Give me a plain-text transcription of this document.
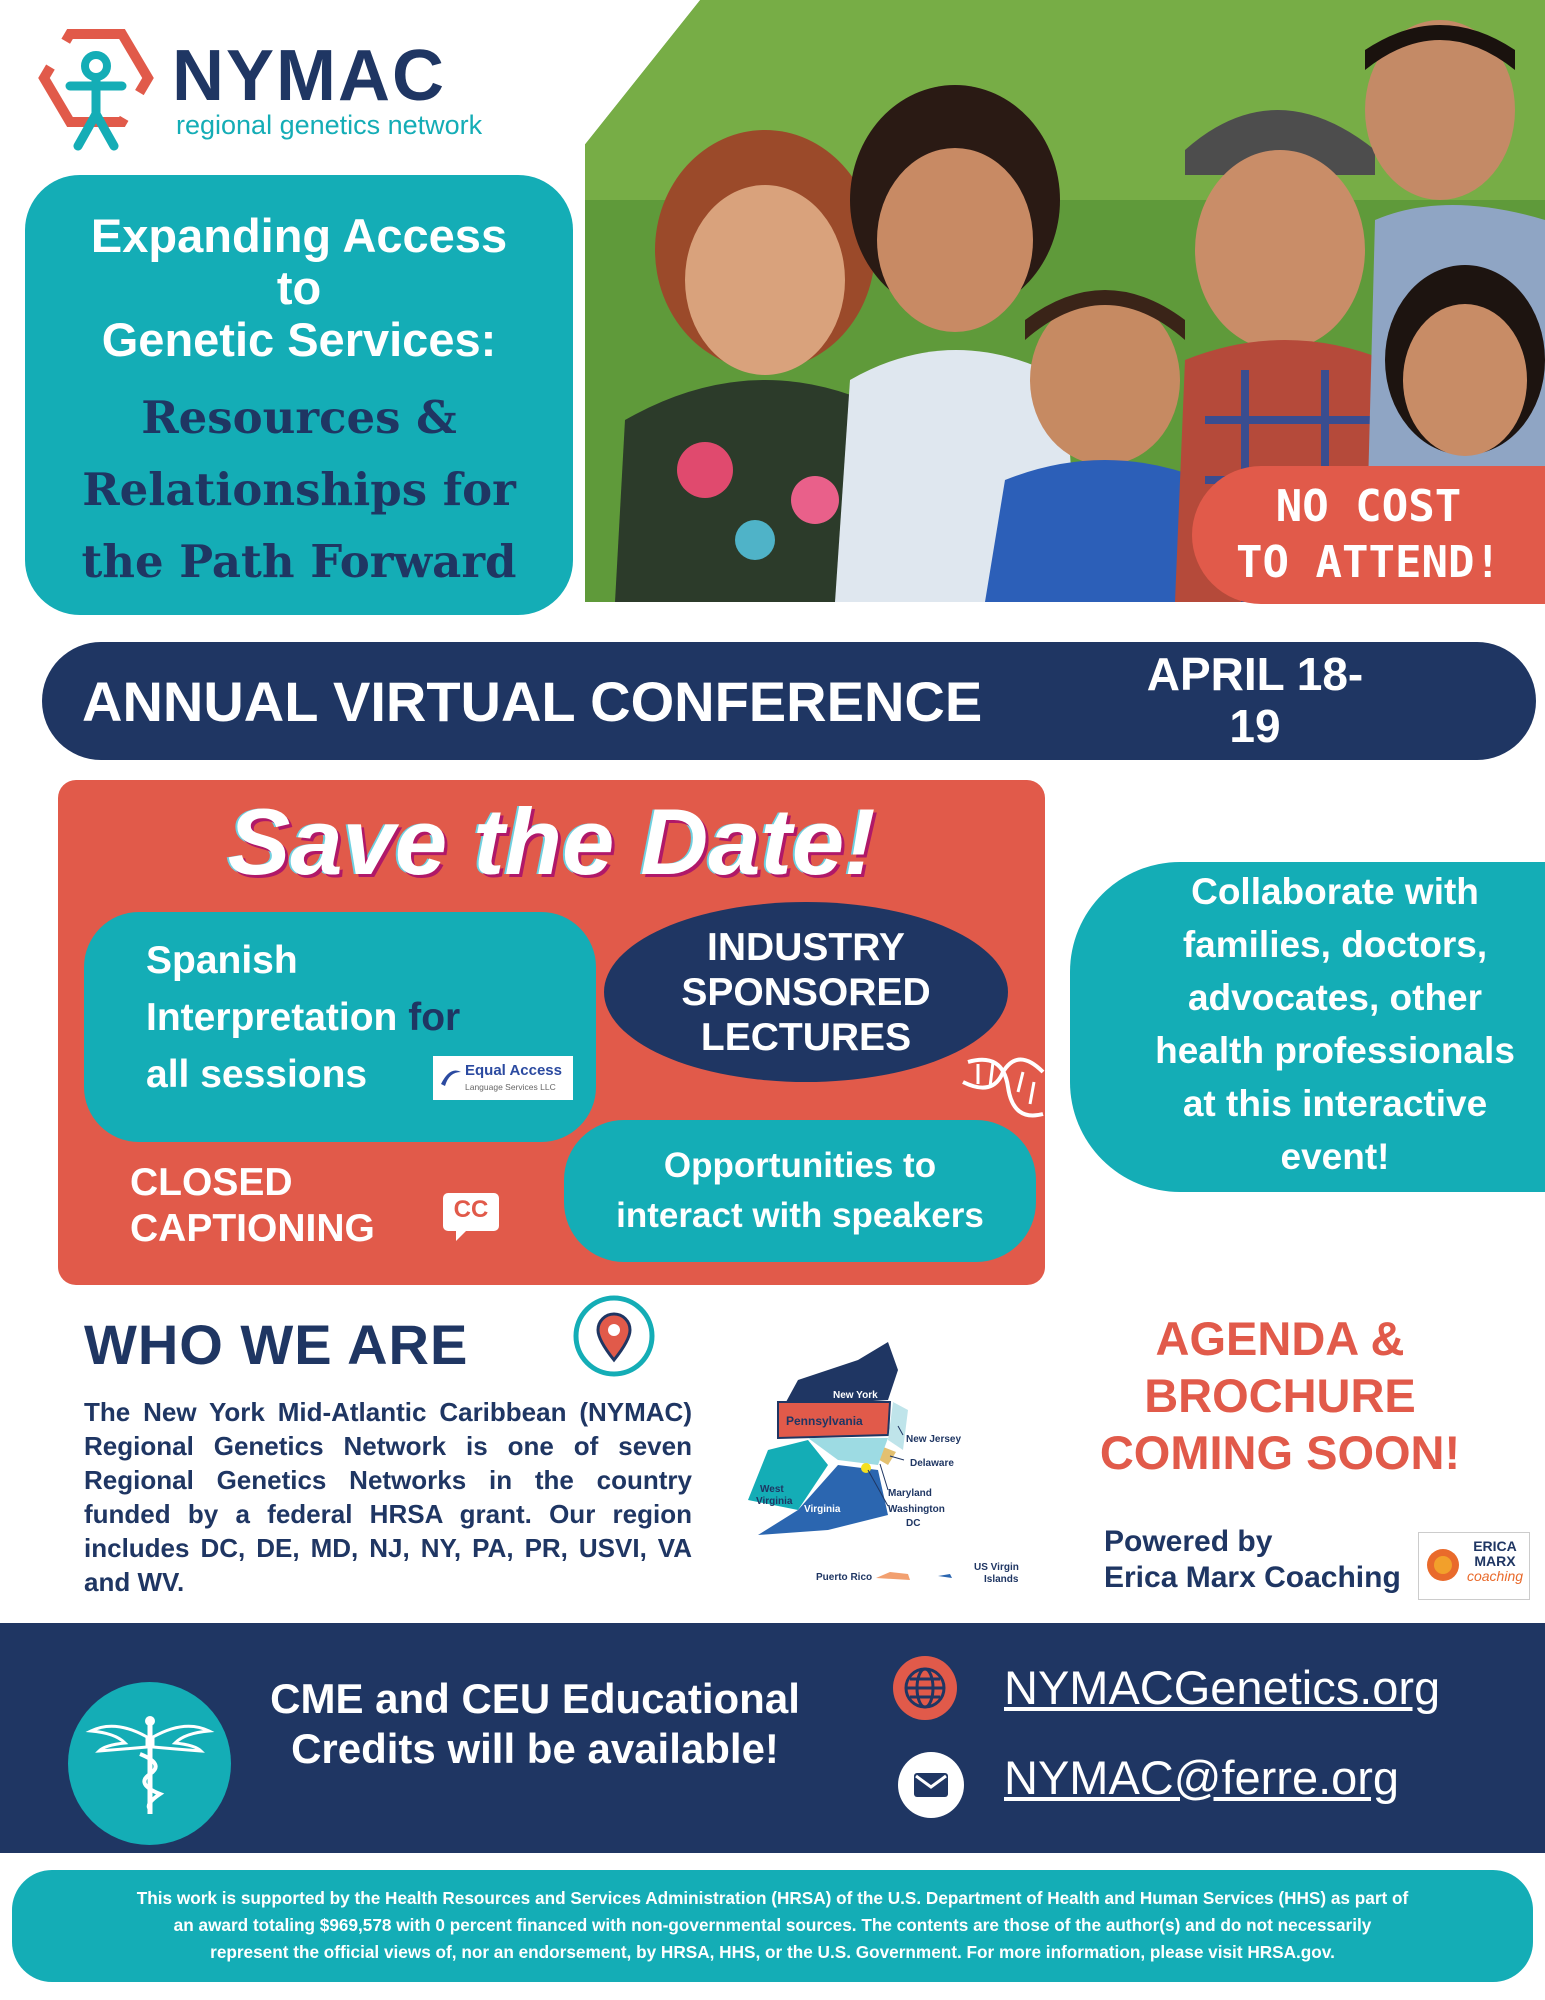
NYMAC
regional genetics network
Expanding Access
to
Genetic Services:
Resources &
Relationships for
the Path Forward
NO COST
TO ATTEND!
ANNUAL VIRTUAL CONFERENCE	APRIL 18-19
2024
Save the Date!
Spanish
Interpretation for
all sessions	Equal Access
Language Services LLC
INDUSTRY
SPONSORED
LECTURES
CLOSED
CAPTIONING	CC
Opportunities to
interact with speakers
Collaborate with
families, doctors,
advocates, other
health professionals
at this interactive
event!
WHO WE ARE
The New York Mid-Atlantic Caribbean (NYMAC) Regional Genetics Network is one of seven Regional Genetics Networks in the country funded by a federal HRSA grant. Our region includes DC, DE, MD, NJ, NY, PA, PR, USVI, VA and WV.
New York
Pennsylvania
New Jersey
Delaware
Maryland
Washington
DC
West
Virginia
Virginia
Puerto Rico
US Virgin
Islands
AGENDA &
BROCHURE
COMING SOON!
Powered by
Erica Marx Coaching
ERICA
MARX
coaching
CME and CEU Educational
Credits will be available!
NYMACGenetics.org
NYMAC@ferre.org
This work is supported by the Health Resources and Services Administration (HRSA) of the U.S. Department of Health and Human Services (HHS) as part of
an award totaling $969,578 with 0 percent financed with non-governmental sources. The contents are those of the author(s) and do not necessarily
represent the official views of, nor an endorsement, by HRSA, HHS, or the U.S. Government. For more information, please visit HRSA.gov.
